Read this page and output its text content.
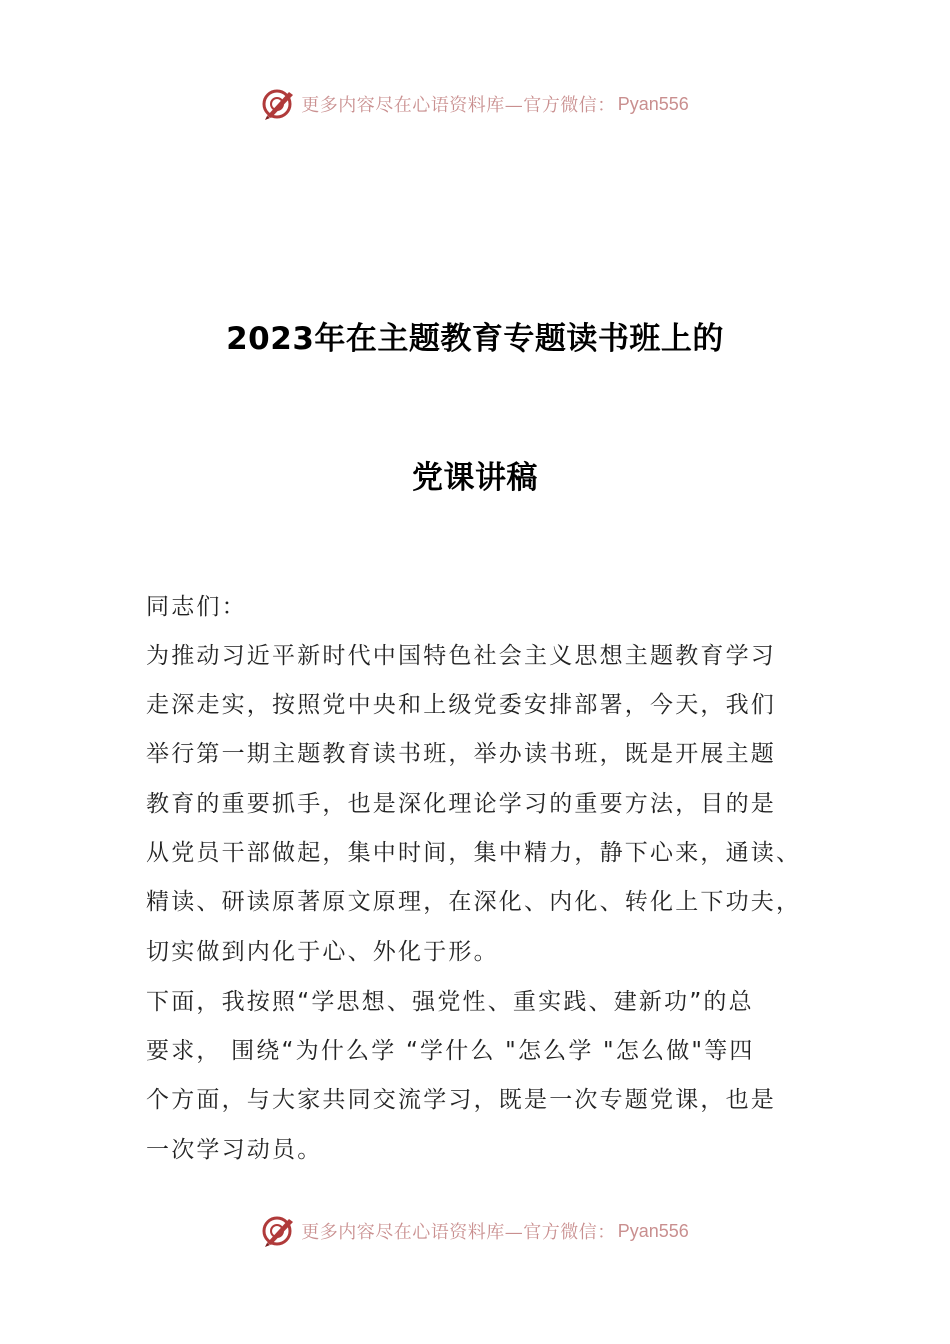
更多内容尽在心语资料库—官方微信： Pyan556
2023年在主题教育专题读书班上的
党课讲稿
同志们：
为推动习近平新时代中国特色社会主义思想主题教育学习
走深走实，按照党中央和上级党委安排部署，今天，我们
举行第一期主题教育读书班，举办读书班，既是开展主题
教育的重要抓手，也是深化理论学习的重要方法，目的是
从党员干部做起，集中时间，集中精力，静下心来，通读、
精读、研读原著原文原理，在深化、内化、转化上下功夫，
切实做到内化于心、外化于形。
下面，我按照“学思想、强党性、重实践、建新功”的总
要求， 围绕“为什么学 “学什么 "怎么学 "怎么做"等四
个方面，与大家共同交流学习，既是一次专题党课，也是
一次学习动员。
更多内容尽在心语资料库—官方微信： Pyan556
